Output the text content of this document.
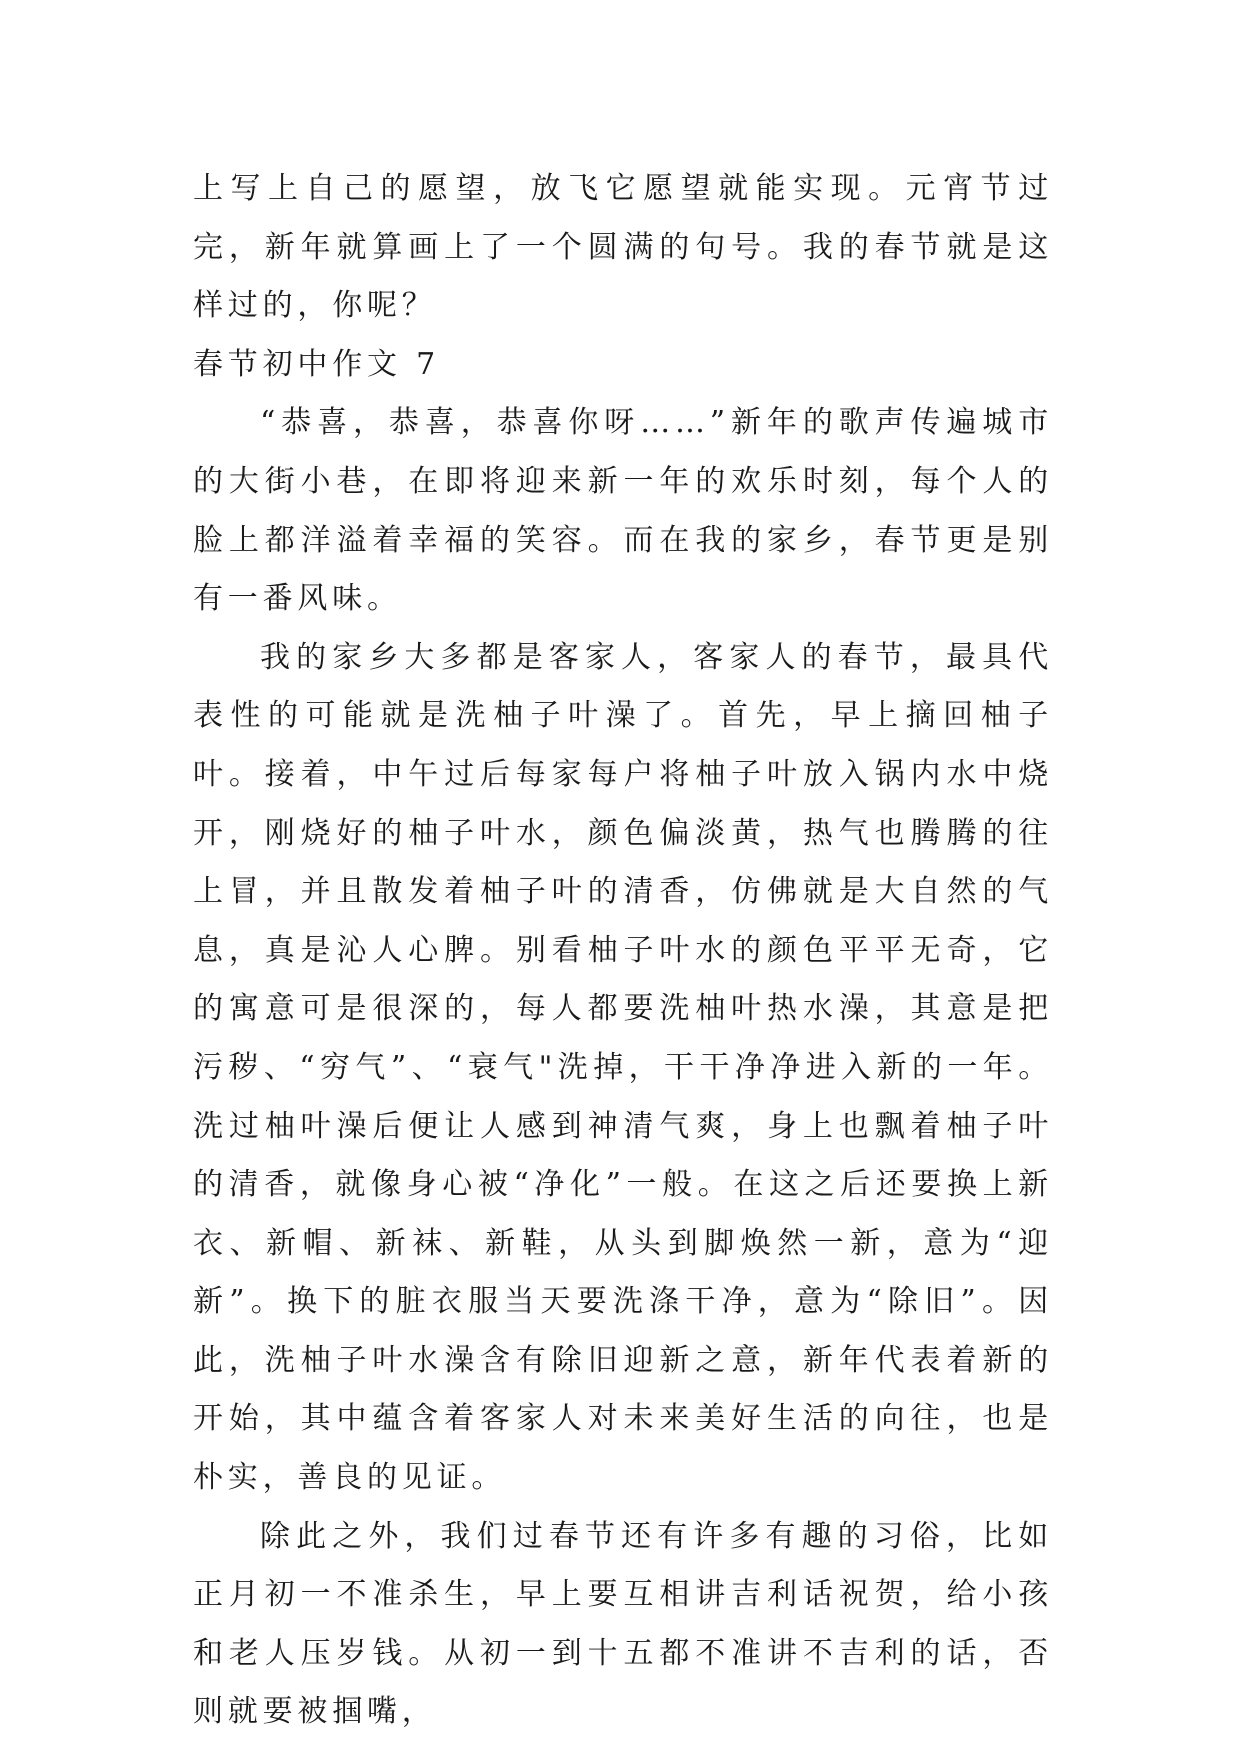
上写上自己的愿望，放飞它愿望就能实现。元宵节过完，新年就算画上了一个圆满的句号。我的春节就是这样过的，你呢？

春节初中作文 7

“恭喜，恭喜，恭喜你呀……”新年的歌声传遍城市的大街小巷，在即将迎来新一年的欢乐时刻，每个人的脸上都洋溢着幸福的笑容。而在我的家乡，春节更是别有一番风味。

我的家乡大多都是客家人，客家人的春节，最具代表性的可能就是洗柚子叶澡了。首先，早上摘回柚子叶。接着，中午过后每家每户将柚子叶放入锅内水中烧开，刚烧好的柚子叶水，颜色偏淡黄，热气也腾腾的往上冒，并且散发着柚子叶的清香，仿佛就是大自然的气息，真是沁人心脾。别看柚子叶水的颜色平平无奇，它的寓意可是很深的，每人都要洗柚叶热水澡，其意是把污秽、“穷气”、“衰气"洗掉，干干净净进入新的一年。洗过柚叶澡后便让人感到神清气爽，身上也飘着柚子叶的清香，就像身心被“净化”一般。在这之后还要换上新衣、新帽、新袜、新鞋，从头到脚焕然一新，意为“迎新”。换下的脏衣服当天要洗涤干净，意为“除旧”。因此，洗柚子叶水澡含有除旧迎新之意，新年代表着新的开始，其中蕴含着客家人对未来美好生活的向往，也是朴实，善良的见证。

除此之外，我们过春节还有许多有趣的习俗，比如正月初一不准杀生，早上要互相讲吉利话祝贺，给小孩和老人压岁钱。从初一到十五都不准讲不吉利的话，否则就要被掴嘴，
